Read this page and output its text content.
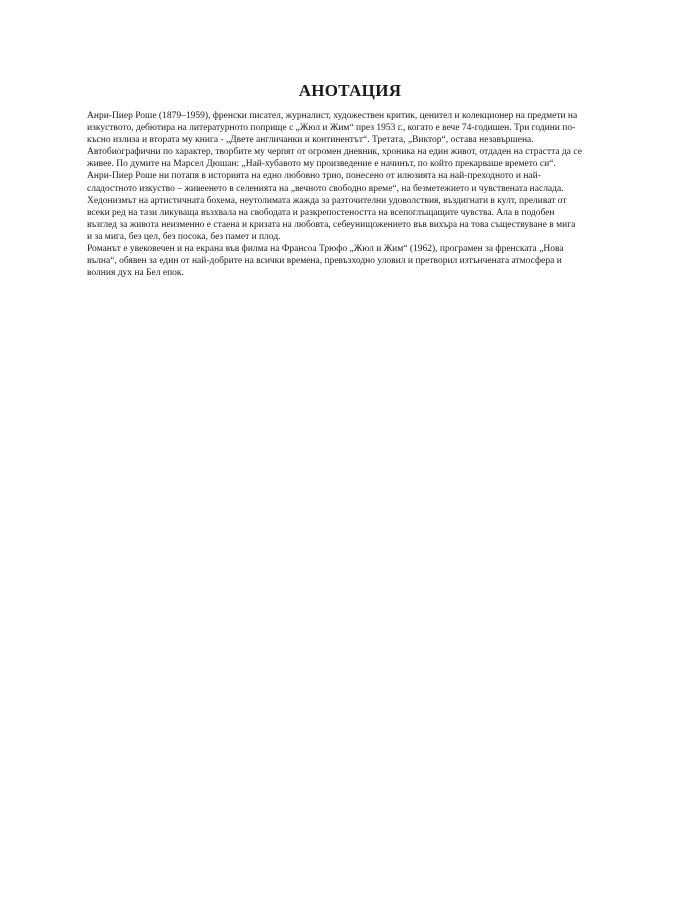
АНОТАЦИЯ
Анри-Пиер Роше (1879–1959), френски писател, журналист, художествен критик, ценител и колекционер на предмети на
изкуството, дебютира на литературното поприще с „Жюл и Жим“ през 1953 г., когато е вече 74-годишен. Три години по-
късно излиза и втората му книга - „Двете англичанки и континентът“. Третата, „Виктор“, остава незавършена.
Автобиографични по характер, творбите му черпят от огромен дневник, хроника на един живот, отдаден на страстта да се
живее. По думите на Марсел Дюшан: „Най-хубавото му произведение е начинът, по който прекарваше времето си“.
Анри-Пиер Роше ни потапя в историята на едно любовно трио, понесено от илюзията на най-преходното и най-
сладостното изкуство – живеенето в селенията на „вечното свободно време“, на безметежието и чувствената наслада.
Хедонизмът на артистичната бохема, неутолимата жажда за разточителни удоволствия, въздигнати в култ, преливат от
всеки ред на тази ликуваща възхвала на свободата и разкрепостеността на всепоглъщащите чувства. Ала в подобен
възглед за живота неизменно е стаена и кризата на любовта, себеунищожението във вихъра на това съществуване в мига
и за мига, без цел, без посока, без памет и плод.
Романът е увековечен и на екрана във филма на Франсоа Трюфо „Жюл и Жим“ (1962), програмен за френската „Нова
вълна“, обявен за един от най-добрите на всички времена, превъзходно уловил и претворил изтънчената атмосфера и
волния дух на Бел епок.
